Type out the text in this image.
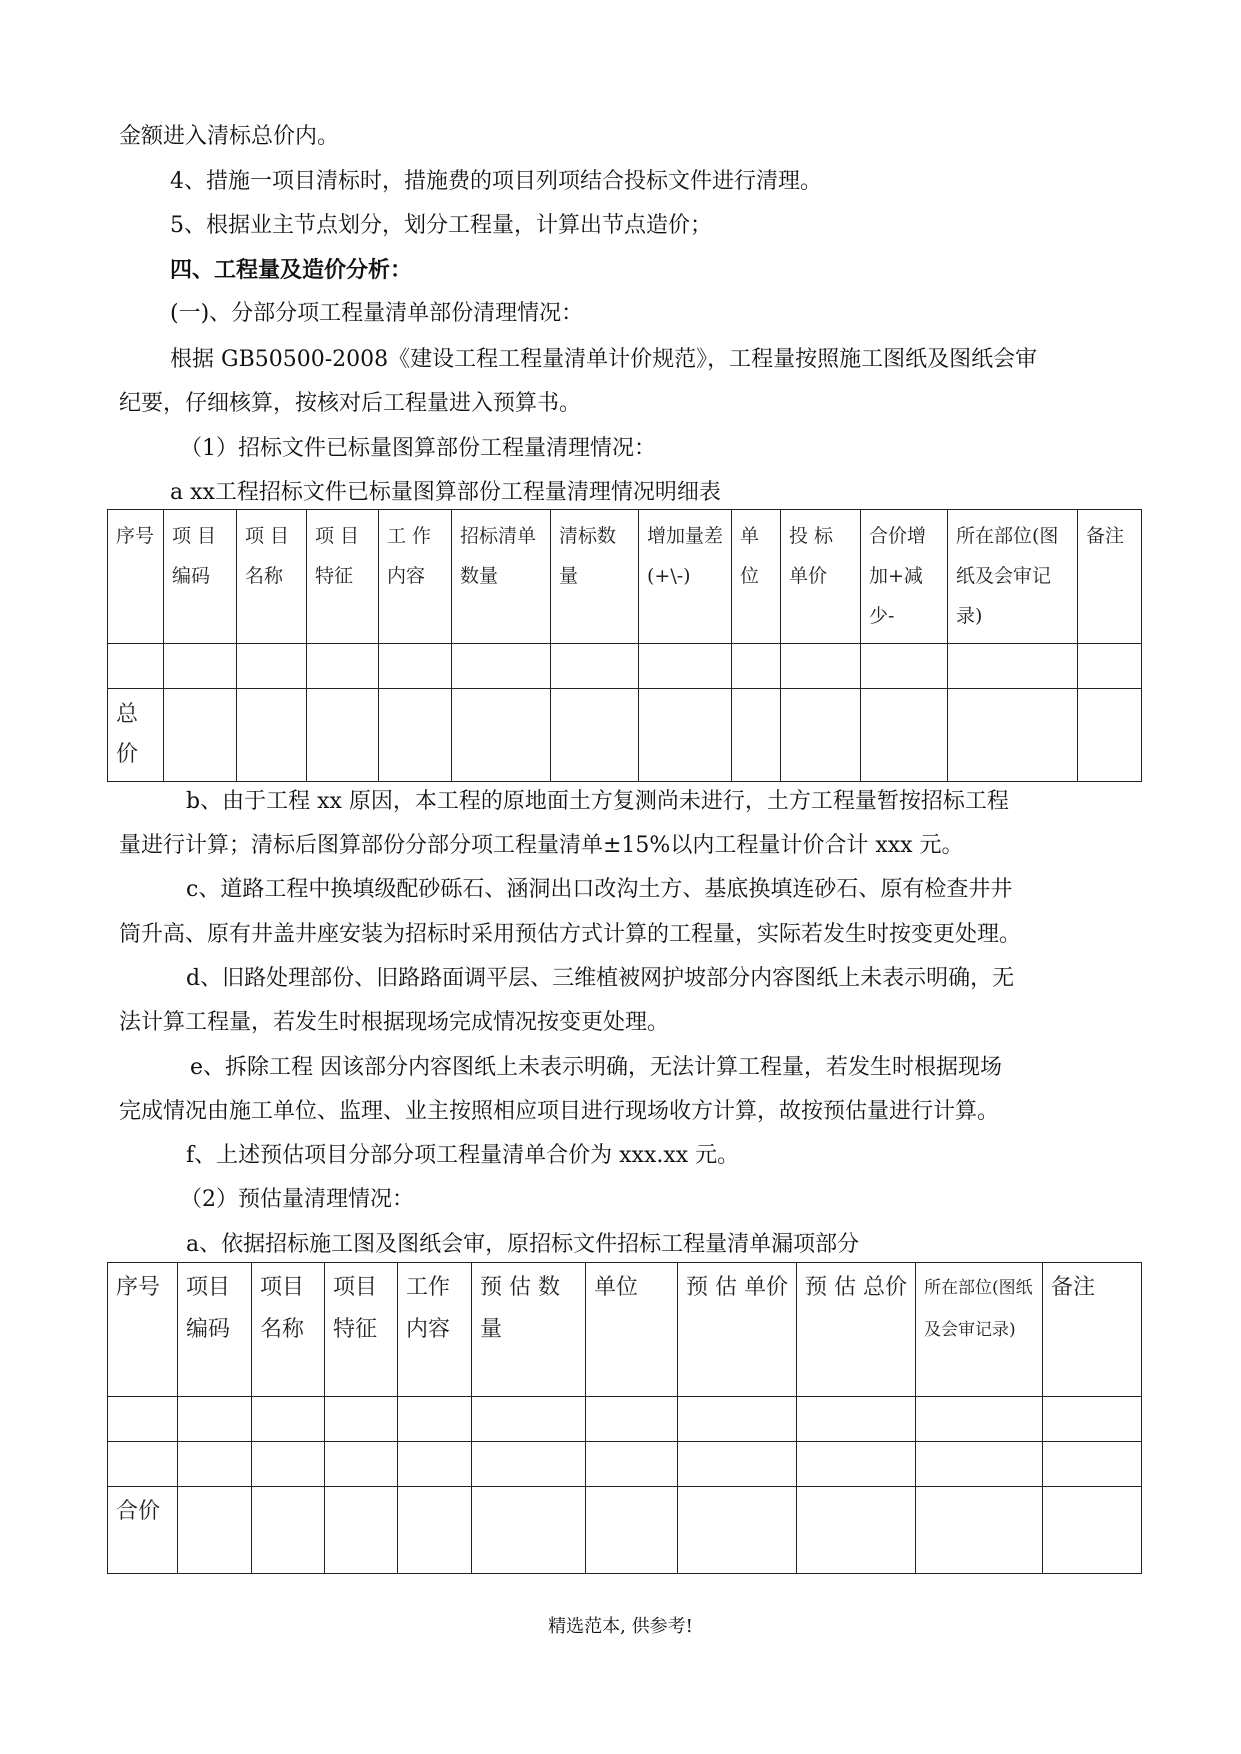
金额进入清标总价内。
4、措施一项目清标时，措施费的项目列项结合投标文件进行清理。
5、根据业主节点划分，划分工程量，计算出节点造价；
四、工程量及造价分析：
(一)、分部分项工程量清单部份清理情况：
根据 GB50500-2008《建设工程工程量清单计价规范》，工程量按照施工图纸及图纸会审
纪要，仔细核算，按核对后工程量进入预算书。
（1）招标文件已标量图算部份工程量清理情况：
a xx工程招标文件已标量图算部份工程量清理情况明细表
序号	项 目编码	项 目名称	项 目特征	工 作内容	招标清单数量	清标数量	增加量差(+\-)	单位	投 标单价	合价增加+减少-	所在部位(图纸及会审记录)	备注

总价												
b、由于工程 xx 原因，本工程的原地面土方复测尚未进行，土方工程量暂按招标工程
量进行计算；清标后图算部份分部分项工程量清单±15%以内工程量计价合计 xxx 元。
c、道路工程中换填级配砂砾石、涵洞出口改沟土方、基底换填连砂石、原有检查井井
筒升高、原有井盖井座安装为招标时采用预估方式计算的工程量，实际若发生时按变更处理。
d、旧路处理部份、旧路路面调平层、三维植被网护坡部分内容图纸上未表示明确，无
法计算工程量，若发生时根据现场完成情况按变更处理。
e、拆除工程 因该部分内容图纸上未表示明确，无法计算工程量，若发生时根据现场
完成情况由施工单位、监理、业主按照相应项目进行现场收方计算，故按预估量进行计算。
f、上述预估项目分部分项工程量清单合价为 xxx.xx 元。
（2）预估量清理情况：
a、依据招标施工图及图纸会审，原招标文件招标工程量清单漏项部分
序号	项目编码	项目名称	项目特征	工作内容	预 估 数量	单位	预 估 单价	预 估 总价	所在部位(图纸及会审记录)	备注

合价										
精选范本, 供参考!
